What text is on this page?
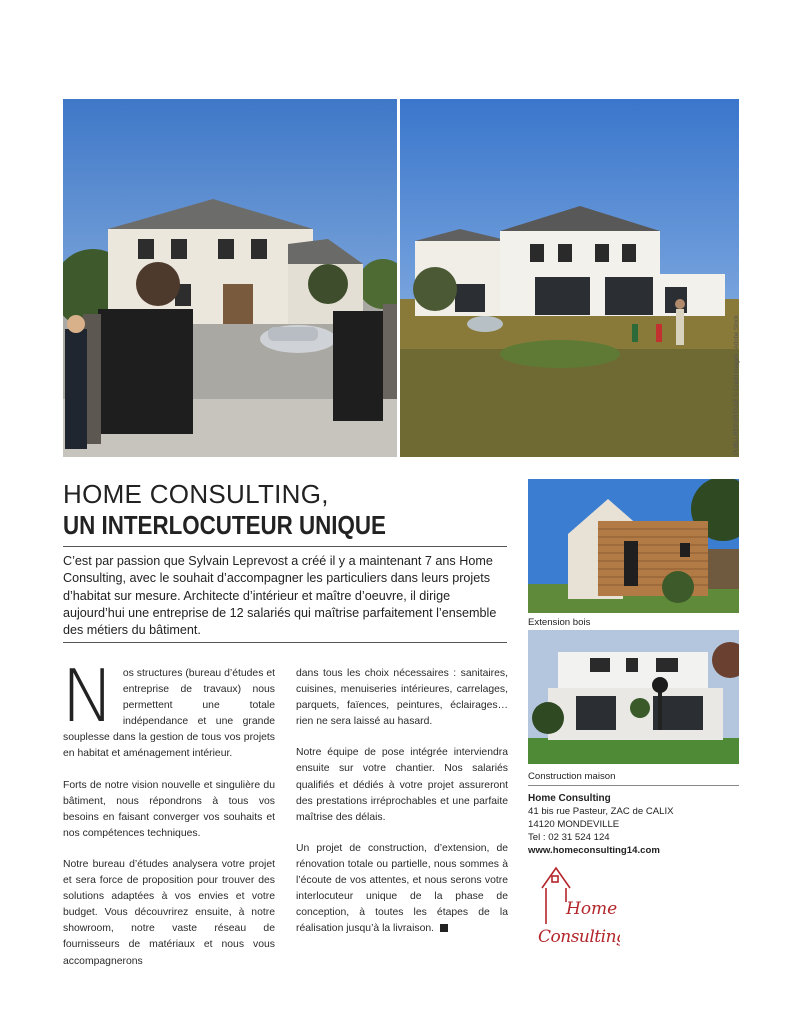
PUBLI-REPORTAGE © Crédit images : Adobe Stock
HOME CONSULTING,
UN INTERLOCUTEUR UNIQUE

C’est par passion que Sylvain Leprevost a créé il y a maintenant 7 ans Home Consulting, avec le souhait d’accompagner les particuliers dans leurs projets d’habitat sur mesure. Architecte d’intérieur et maître d’oeuvre, il dirige aujourd’hui une entreprise de 12 salariés qui maîtrise parfaitement l’ensemble des métiers du bâtiment.

Nos structures (bureau d’études et entreprise de travaux) nous permettent une totale indépendance et une grande souplesse dans la gestion de tous vos projets en habitat et aménagement intérieur.

Forts de notre vision nouvelle et singulière du bâtiment, nous répondrons à tous vos besoins en faisant converger vos souhaits et nos compétences techniques.

Notre bureau d’études analysera votre projet et sera force de proposition pour trouver des solutions adaptées à vos envies et votre budget. Vous découvrirez ensuite, à notre showroom, notre vaste réseau de fournisseurs de matériaux et nous vous accompagnerons

dans tous les choix nécessaires : sanitaires, cuisines, menuiseries intérieures, carrelages, parquets, faïences, peintures, éclairages… rien ne sera laissé au hasard.

Notre équipe de pose intégrée interviendra ensuite sur votre chantier. Nos salariés qualifiés et dédiés à votre projet assureront des prestations irréprochables et une parfaite maîtrise des délais.

Un projet de construction, d’extension, de rénovation totale ou partielle, nous sommes à l’écoute de vos attentes, et nous serons votre interlocuteur unique de la phase de conception, à toutes les étapes de la réalisation jusqu’à la livraison.

Extension bois
Construction maison
Home Consulting
41 bis rue Pasteur, ZAC de CALIX
14120 MONDEVILLE
Tel : 02 31 524 124
www.homeconsulting14.com
Home
Consulting
